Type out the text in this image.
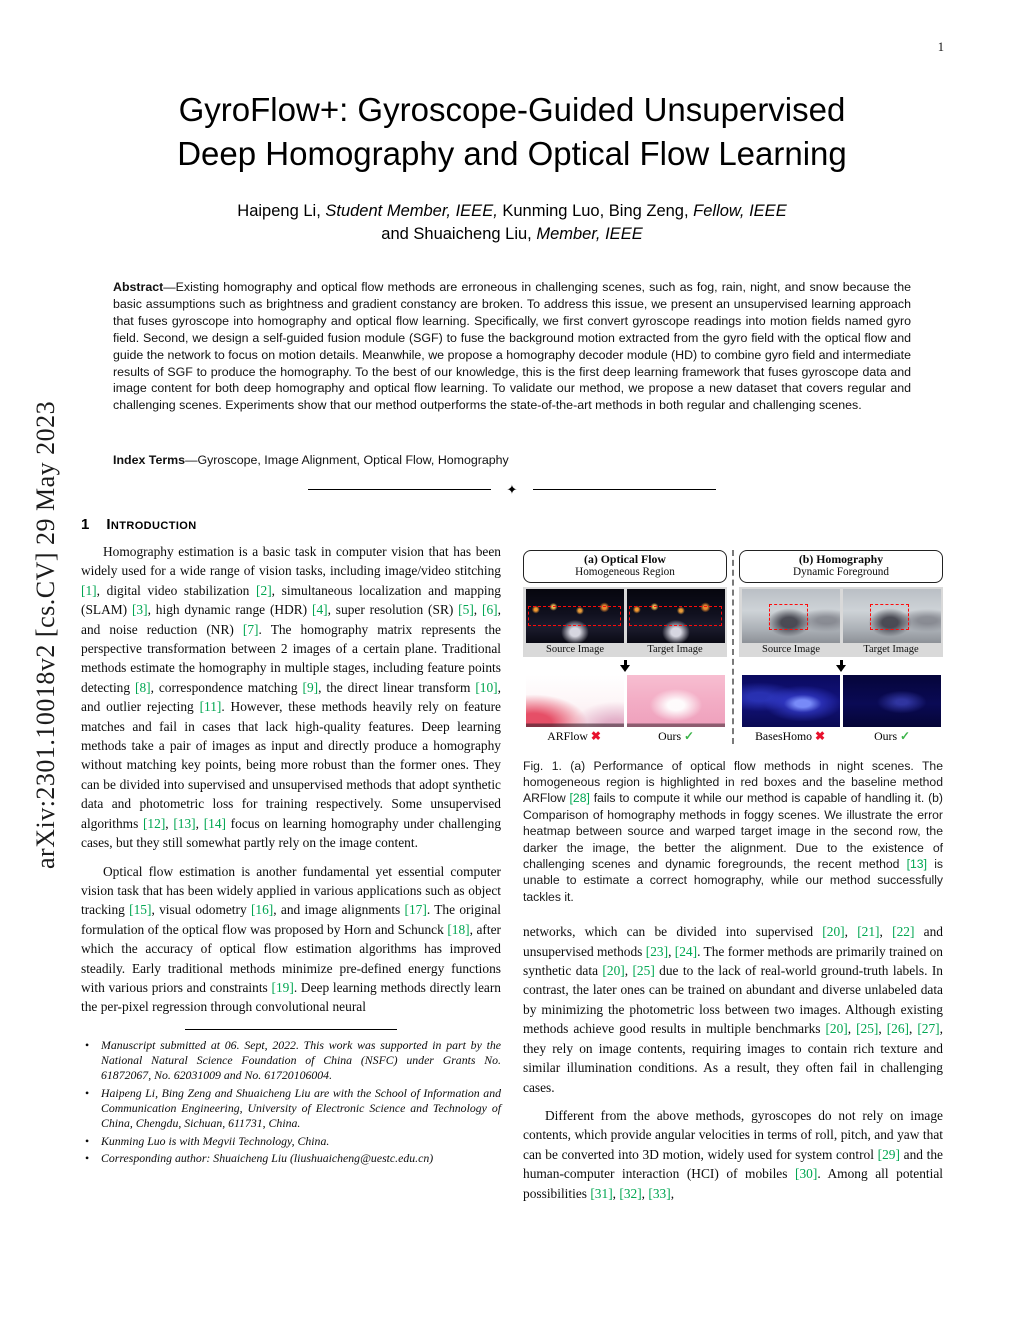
1
arXiv:2301.10018v2 [cs.CV] 29 May 2023
GyroFlow+: Gyroscope-Guided Unsupervised
Deep Homography and Optical Flow Learning
Haipeng Li, Student Member, IEEE, Kunming Luo, Bing Zeng, Fellow, IEEE
and Shuaicheng Liu, Member, IEEE

Abstract—Existing homography and optical flow methods are erroneous in challenging scenes, such as fog, rain, night, and snow because the basic assumptions such as brightness and gradient constancy are broken. To address this issue, we present an unsupervised learning approach that fuses gyroscope into homography and optical flow learning. Specifically, we first convert gyroscope readings into motion fields named gyro field. Second, we design a self-guided fusion module (SGF) to fuse the background motion extracted from the gyro field with the optical flow and guide the network to focus on motion details. Meanwhile, we propose a homography decoder module (HD) to combine gyro field and intermediate results of SGF to produce the homography. To the best of our knowledge, this is the first deep learning framework that fuses gyroscope data and image content for both deep homography and optical flow learning. To validate our method, we propose a new dataset that covers regular and challenging scenes. Experiments show that our method outperforms the state-of-the-art methods in both regular and challenging scenes.

Index Terms—Gyroscope, Image Alignment, Optical Flow, Homography

✦
1 Introduction

Homography estimation is a basic task in computer vision that has been widely used for a wide range of vision tasks, including image/video stitching [1], digital video stabilization [2], simultaneous localization and mapping (SLAM) [3], high dynamic range (HDR) [4], super resolution (SR) [5], [6], and noise reduction (NR) [7]. The homography matrix represents the perspective transformation between 2 images of a certain plane. Traditional methods estimate the homography in multiple stages, including feature points detecting [8], correspondence matching [9], the direct linear transform [10], and outlier rejecting [11]. However, these methods heavily rely on feature matches and fail in cases that lack high-quality features. Deep learning methods take a pair of images as input and directly produce a homography without matching key points, being more robust than the former ones. They can be divided into supervised and unsupervised methods that adopt synthetic data and photometric loss for training respectively. Some unsupervised algorithms [12], [13], [14] focus on learning homography under challenging cases, but they still somewhat partly rely on the image content.

Optical flow estimation is another fundamental yet essential computer vision task that has been widely applied in various applications such as object tracking [15], visual odometry [16], and image alignments [17]. The original formulation of the optical flow was proposed by Horn and Schunck [18], after which the accuracy of optical flow estimation algorithms has improved steadily. Early traditional methods minimize pre-defined energy functions with various priors and constraints [19]. Deep learning methods directly learn the per-pixel regression through convolutional neural

• Manuscript submitted at 06. Sept, 2022. This work was supported in part by the National Natural Science Foundation of China (NSFC) under Grants No. 61872067, No. 62031009 and No. 61720106004.
• Haipeng Li, Bing Zeng and Shuaicheng Liu are with the School of Information and Communication Engineering, University of Electronic Science and Technology of China, Chengdu, Sichuan, 611731, China.
• Kunming Luo is with Megvii Technology, China.
• Corresponding author: Shuaicheng Liu (liushuaicheng@uestc.edu.cn)
(a) Optical Flow
Homogeneous Region
Source Image	Target Image
ARFlow ✖	Ours ✓
(b) Homography
Dynamic Foreground
Source Image	Target Image
BasesHomo ✖	Ours ✓
Fig. 1. (a) Performance of optical flow methods in night scenes. The homogeneous region is highlighted in red boxes and the baseline method ARFlow [28] fails to compute it while our method is capable of handling it. (b) Comparison of homography methods in foggy scenes. We illustrate the error heatmap between source and warped target image in the second row, the darker the image, the better the alignment. Due to the existence of challenging scenes and dynamic foregrounds, the recent method [13] is unable to estimate a correct homography, while our method successfully tackles it.

networks, which can be divided into supervised [20], [21], [22] and unsupervised methods [23], [24]. The former methods are primarily trained on synthetic data [20], [25] due to the lack of real-world ground-truth labels. In contrast, the later ones can be trained on abundant and diverse unlabeled data by minimizing the photometric loss between two images. Although existing methods achieve good results in multiple benchmarks [20], [25], [26], [27], they rely on image contents, requiring images to contain rich texture and similar illumination conditions. As a result, they often fail in challenging cases.

Different from the above methods, gyroscopes do not rely on image contents, which provide angular velocities in terms of roll, pitch, and yaw that can be converted into 3D motion, widely used for system control [29] and the human-computer interaction (HCI) of mobiles [30]. Among all potential possibilities [31], [32], [33],
